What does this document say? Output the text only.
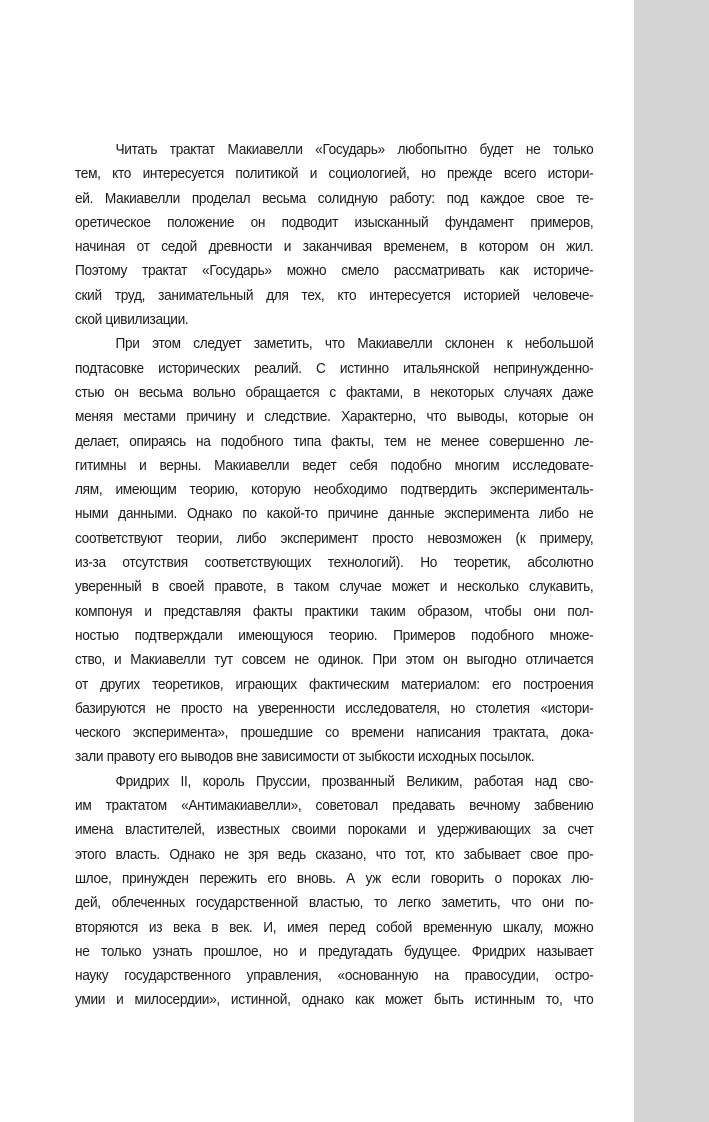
Читать трактат Макиавелли «Государь» любопытно будет не только
тем, кто интересуется политикой и социологией, но прежде всего истори-
ей. Макиавелли проделал весьма солидную работу: под каждое свое те-
оретическое положение он подводит изысканный фундамент примеров,
начиная от седой древности и заканчивая временем, в котором он жил.
Поэтому трактат «Государь» можно смело рассматривать как историче-
ский труд, занимательный для тех, кто интересуется историей человече-
ской цивилизации.
При этом следует заметить, что Макиавелли склонен к небольшой
подтасовке исторических реалий. С истинно итальянской непринужденно-
стью он весьма вольно обращается с фактами, в некоторых случаях даже
меняя местами причину и следствие. Характерно, что выводы, которые он
делает, опираясь на подобного типа факты, тем не менее совершенно ле-
гитимны и верны. Макиавелли ведет себя подобно многим исследовате-
лям, имеющим теорию, которую необходимо подтвердить эксперименталь-
ными данными. Однако по какой-то причине данные эксперимента либо не
соответствуют теории, либо эксперимент просто невозможен (к примеру,
из-за отсутствия соответствующих технологий). Но теоретик, абсолютно
уверенный в своей правоте, в таком случае может и несколько слукавить,
компонуя и представляя факты практики таким образом, чтобы они пол-
ностью подтверждали имеющуюся теорию. Примеров подобного множе-
ство, и Макиавелли тут совсем не одинок. При этом он выгодно отличается
от других теоретиков, играющих фактическим материалом: его построения
базируются не просто на уверенности исследователя, но столетия «истори-
ческого эксперимента», прошедшие со времени написания трактата, дока-
зали правоту его выводов вне зависимости от зыбкости исходных посылок.
Фридрих II, король Пруссии, прозванный Великим, работая над сво-
им трактатом «Антимакиавелли», советовал предавать вечному забвению
имена властителей, известных своими пороками и удерживающих за счет
этого власть. Однако не зря ведь сказано, что тот, кто забывает свое про-
шлое, принужден пережить его вновь. А уж если говорить о пороках лю-
дей, облеченных государственной властью, то легко заметить, что они по-
вторяются из века в век. И, имея перед собой временную шкалу, можно
не только узнать прошлое, но и предугадать будущее. Фридрих называет
науку государственного управления, «основанную на правосудии, остро-
умии и милосердии», истинной, однако как может быть истинным то, что
